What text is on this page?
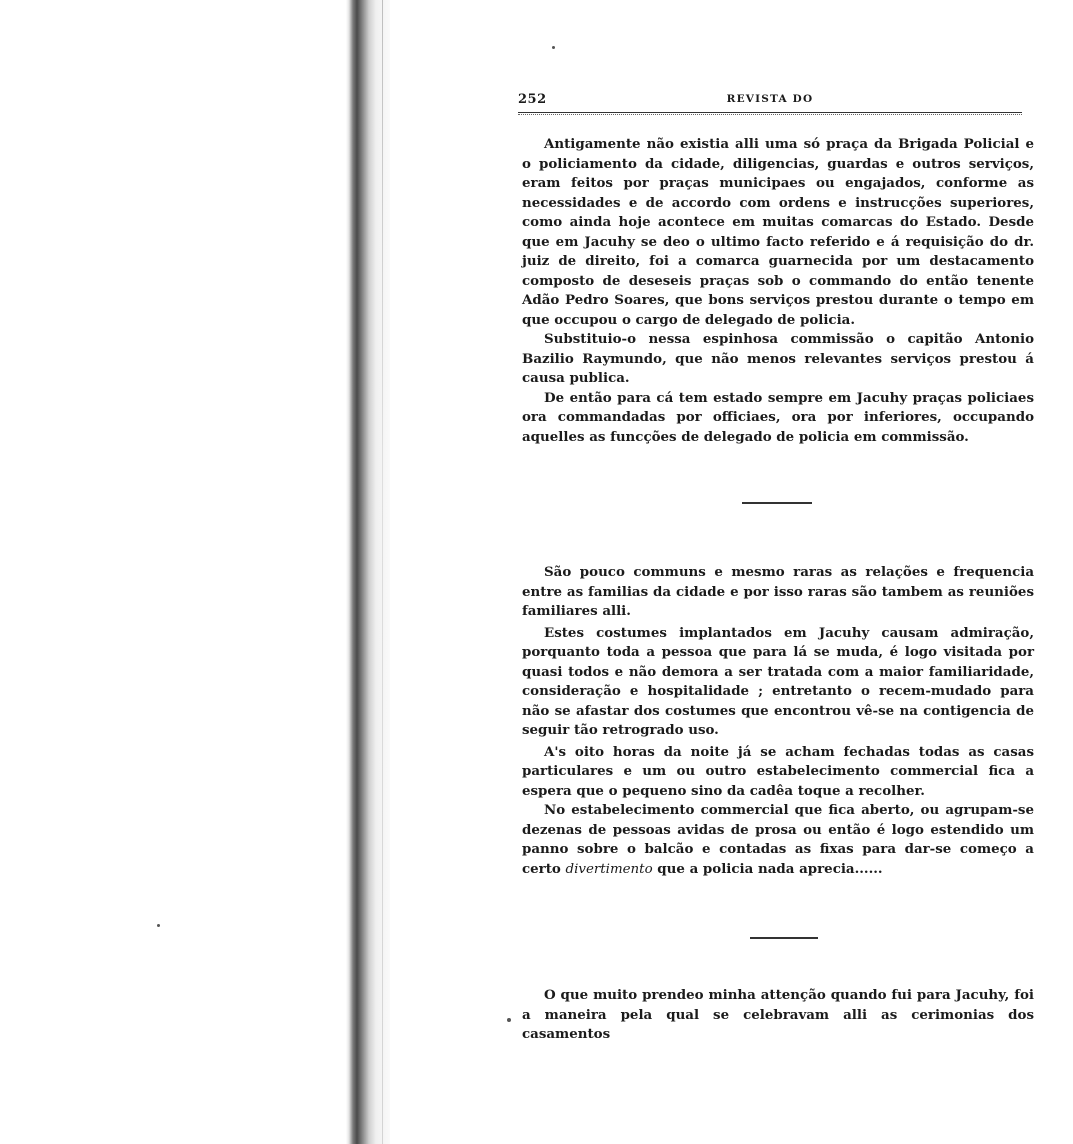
252	REVISTA DO

Antigamente não existia alli uma só praça da Brigada Policial e o policiamento da cidade, diligencias, guardas e outros serviços, eram feitos por praças municipaes ou engajados, conforme as necessidades e de accordo com ordens e instrucções superiores, como ainda hoje acontece em muitas comarcas do Estado. Desde que em Jacuhy se deo o ultimo facto referido e á requisição do dr. juiz de direito, foi a comarca guarnecida por um destacamento composto de deseseis praças sob o commando do então tenente Adão Pedro Soares, que bons serviços prestou durante o tempo em que occupou o cargo de delegado de policia.

Substituio-o nessa espinhosa commissão o capitão Antonio Bazilio Raymundo, que não menos relevantes serviços prestou á causa publica.

De então para cá tem estado sempre em Jacuhy praças policiaes ora commandadas por officiaes, ora por inferiores, occupando aquelles as funcções de delegado de policia em commissão.

São pouco communs e mesmo raras as relações e frequencia entre as familias da cidade e por isso raras são tambem as reuniões familiares alli.

Estes costumes implantados em Jacuhy causam admiração, porquanto toda a pessoa que para lá se muda, é logo visitada por quasi todos e não demora a ser tratada com a maior familiaridade, consideração e hospitalidade ; entretanto o recem-mudado para não se afastar dos costumes que encontrou vê-se na contigencia de seguir tão retrogrado uso.

A's oito horas da noite já se acham fechadas todas as casas particulares e um ou outro estabelecimento commercial fica a espera que o pequeno sino da cadêa toque a recolher.

No estabelecimento commercial que fica aberto, ou agrupam-se dezenas de pessoas avidas de prosa ou então é logo estendido um panno sobre o balcão e contadas as fixas para dar-se começo a certo divertimento que a policia nada aprecia......

O que muito prendeo minha attenção quando fui para Jacuhy, foi a maneira pela qual se celebravam alli as cerimonias dos casamentos
